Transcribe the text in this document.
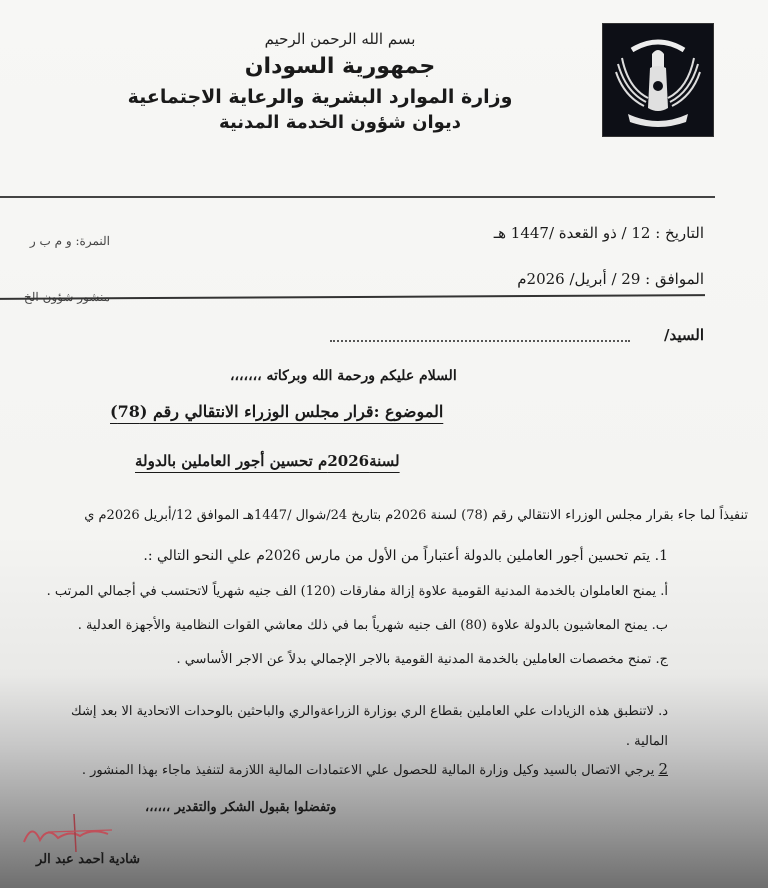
بسم الله الرحمن الرحيم
جمهورية السودان
وزارة الموارد البشرية والرعاية الاجتماعية
ديوان شؤون الخدمة المدنية
التاريخ : 12 / ذو القعدة /1447 هـ
النمرة: و م ب ر
الموافق : 29 / أبريل/ 2026م
السيد/
السلام عليكم ورحمة الله وبركاته ،،،،،،،
الموضوع :قرار مجلس الوزراء الانتقالي رقم (78)
لسنة2026م تحسين أجور العاملين بالدولة
تنفيذاً لما جاء بقرار مجلس الوزراء الانتقالي رقم (78) لسنة 2026م بتاريخ 24/شوال /1447هـ الموافق 12/أبريل 2026م ي
1. يتم تحسين أجور العاملين بالدولة أعتباراً من الأول من مارس 2026م علي النحو التالي :.
أ. يمنح العاملوان بالخدمة المدنية القومية علاوة إزالة مفارقات (120) الف جنيه شهرياً لاتحتسب في أجمالي المرتب .
ب. يمنح المعاشيون بالدولة علاوة (80) الف جنيه شهرياً بما في ذلك معاشي القوات النظامية والأجهزة العدلية .
ج. تمنح مخصصات العاملين بالخدمة المدنية القومية بالاجر الإجمالي بدلاً عن الاجر الأساسي .
د. لاتنطبق هذه الزيادات علي العاملين بقطاع الري بوزارة الزراعةوالري والباحثين بالوحدات الاتحادية الا بعد إشك
المالية .
2 يرجي الاتصال بالسيد وكيل وزارة المالية للحصول علي الاعتمادات المالية اللازمة لتنفيذ ماجاء بهذا المنشور .
وتفضلوا بقبول الشكر والتقدير ،،،،،،
شادية أحمد عبد الر
